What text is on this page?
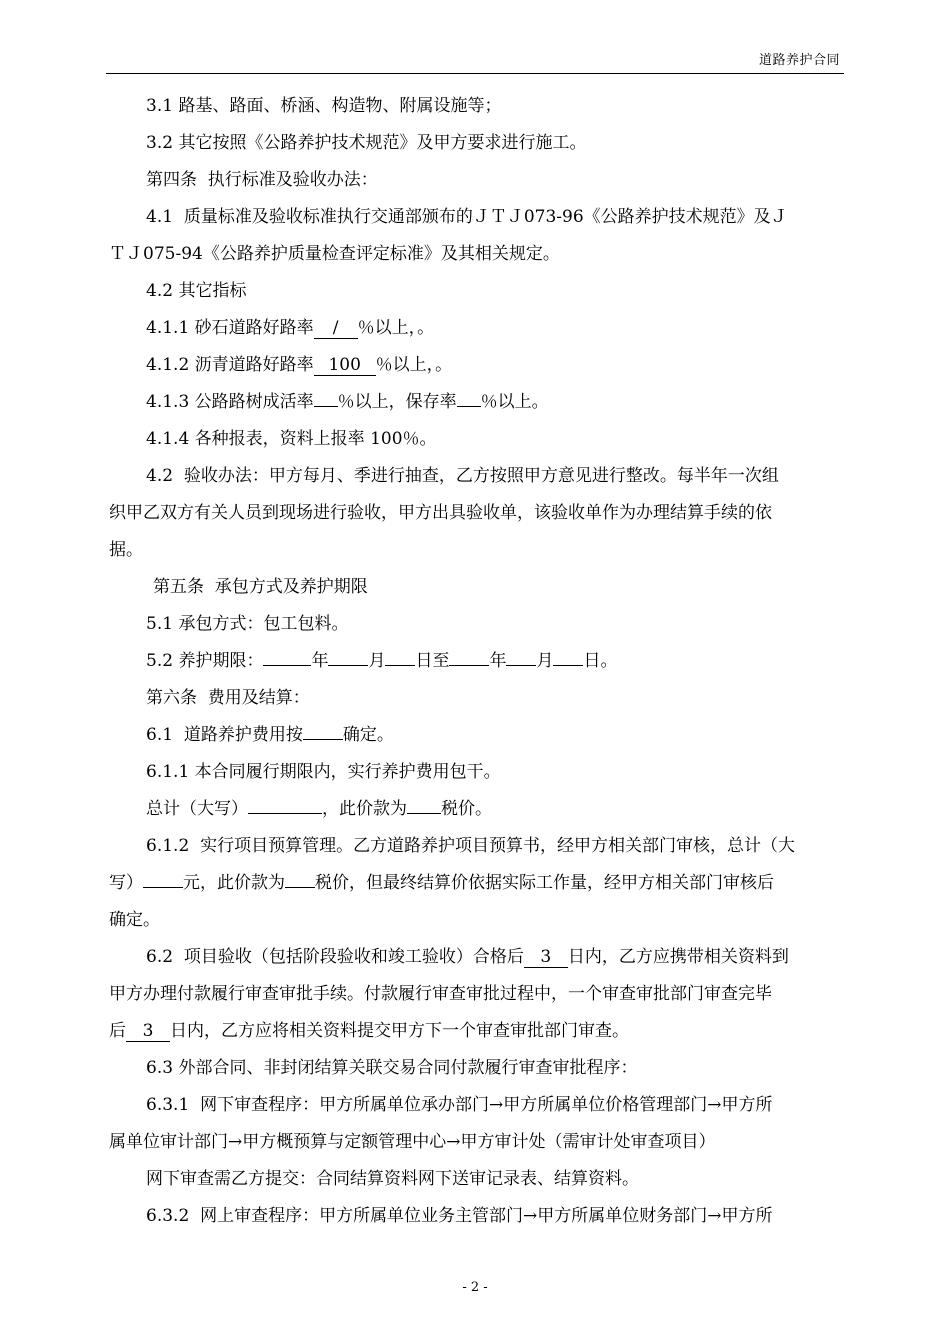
道路养护合同

3.1 路基、路面、桥涵、构造物、附属设施等；

3.2 其它按照《公路养护技术规范》及甲方要求进行施工。

第四条  执行标准及验收办法：

4.1  质量标准及验收标准执行交通部颁布的ＪＴＪ073-96《公路养护技术规范》及Ｊ

ＴＪ075-94《公路养护质量检查评定标准》及其相关规定。

4.2 其它指标

4.1.1 砂石道路好路率 / ％以上，。

4.1.2 沥青道路好路率 100 ％以上，。

4.1.3 公路路树成活率 ％以上，保存率 ％以上。

4.1.4 各种报表，资料上报率 100％。

4.2  验收办法：甲方每月、季进行抽查，乙方按照甲方意见进行整改。每半年一次组

织甲乙双方有关人员到现场进行验收，甲方出具验收单，该验收单作为办理结算手续的依

据。

第五条  承包方式及养护期限

5.1 承包方式：包工包料。

5.2 养护期限：	年 月 日至 年 月 日。

第六条  费用及结算：

6.1  道路养护费用按 确定。

6.1.1 本合同履行期限内，实行养护费用包干。

总计（大写）	，此价款为 税价。

6.1.2  实行项目预算管理。乙方道路养护项目预算书，经甲方相关部门审核，总计（大

写） 元，此价款为 税价，但最终结算价依据实际工作量，经甲方相关部门审核后

确定。

6.2  项目验收（包括阶段验收和竣工验收）合格后 3 日内，乙方应携带相关资料到

甲方办理付款履行审查审批手续。付款履行审查审批过程中，一个审查审批部门审查完毕

后 3 日内，乙方应将相关资料提交甲方下一个审查审批部门审查。

6.3 外部合同、非封闭结算关联交易合同付款履行审查审批程序：

6.3.1  网下审查程序：甲方所属单位承办部门→甲方所属单位价格管理部门→甲方所

属单位审计部门→甲方概预算与定额管理中心→甲方审计处（需审计处审查项目）

网下审查需乙方提交：合同结算资料网下送审记录表、结算资料。

6.3.2  网上审查程序：甲方所属单位业务主管部门→甲方所属单位财务部门→甲方所

- 2 -
